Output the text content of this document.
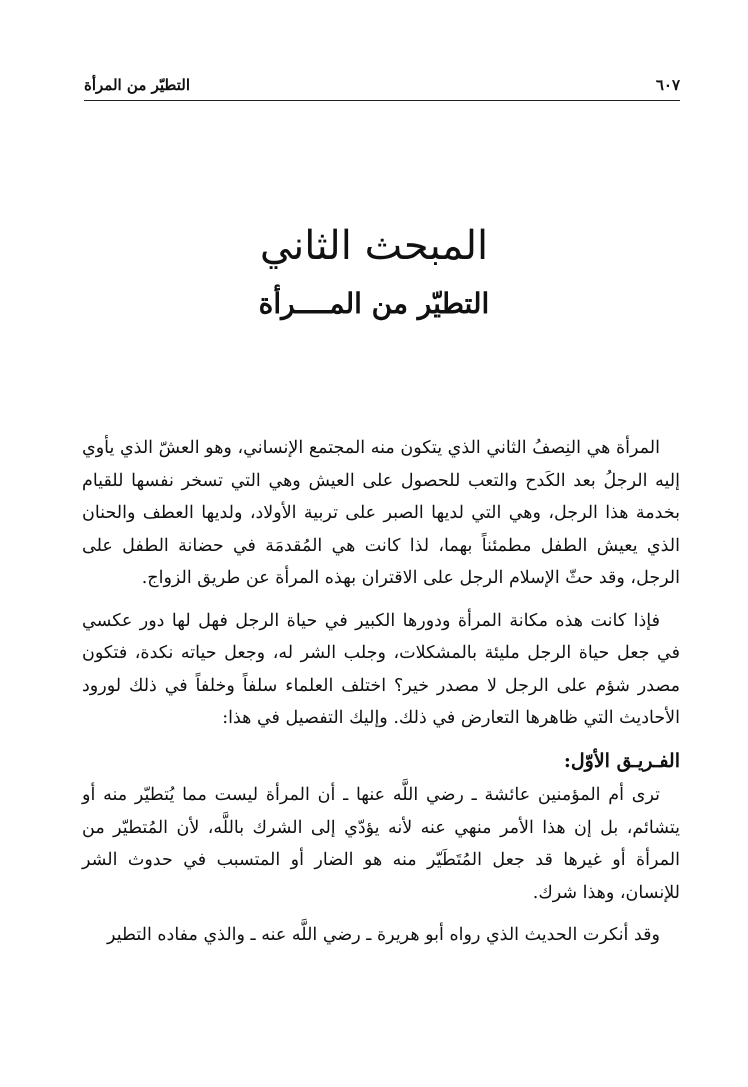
٦٠٧
التطيّر من المرأة
المبحث الثاني
التطيّر من المــــرأة

المرأة هي النِصفُ الثاني الذي يتكون منه المجتمع الإنساني، وهو العشّ الذي يأوي إليه الرجلُ بعد الكَدح والتعب للحصول على العيش وهي التي تسخر نفسها للقيام بخدمة هذا الرجل، وهي التي لديها الصبر على تربية الأولاد، ولديها العطف والحنان الذي يعيش الطفل مطمئناً بهما، لذا كانت هي المُقدمَة في حضانة الطفل على الرجل، وقد حثّ الإسلام الرجل على الاقتران بهذه المرأة عن طريق الزواج.

فإذا كانت هذه مكانة المرأة ودورها الكبير في حياة الرجل فهل لها دور عكسي في جعل حياة الرجل مليئة بالمشكلات، وجلب الشر له، وجعل حياته نكدة، فتكون مصدر شؤم على الرجل لا مصدر خير؟ اختلف العلماء سلفاً وخلفاً في ذلك لورود الأحاديث التي ظاهرها التعارض في ذلك. وإليك التفصيل في هذا:

الفـريـق الأوّل:

ترى أم المؤمنين عائشة ـ رضي اللَّه عنها ـ أن المرأة ليست مما يُتطيّر منه أو يتشائم، بل إن هذا الأمر منهي عنه لأنه يؤدّي إلى الشرك باللَّه، لأن المُتطيّر من المرأة أو غيرها قد جعل المُتَطَيّر منه هو الضار أو المتسبب في حدوث الشر للإنسان، وهذا شرك.

وقد أنكرت الحديث الذي رواه أبو هريرة ـ رضي اللَّه عنه ـ والذي مفاده التطير
